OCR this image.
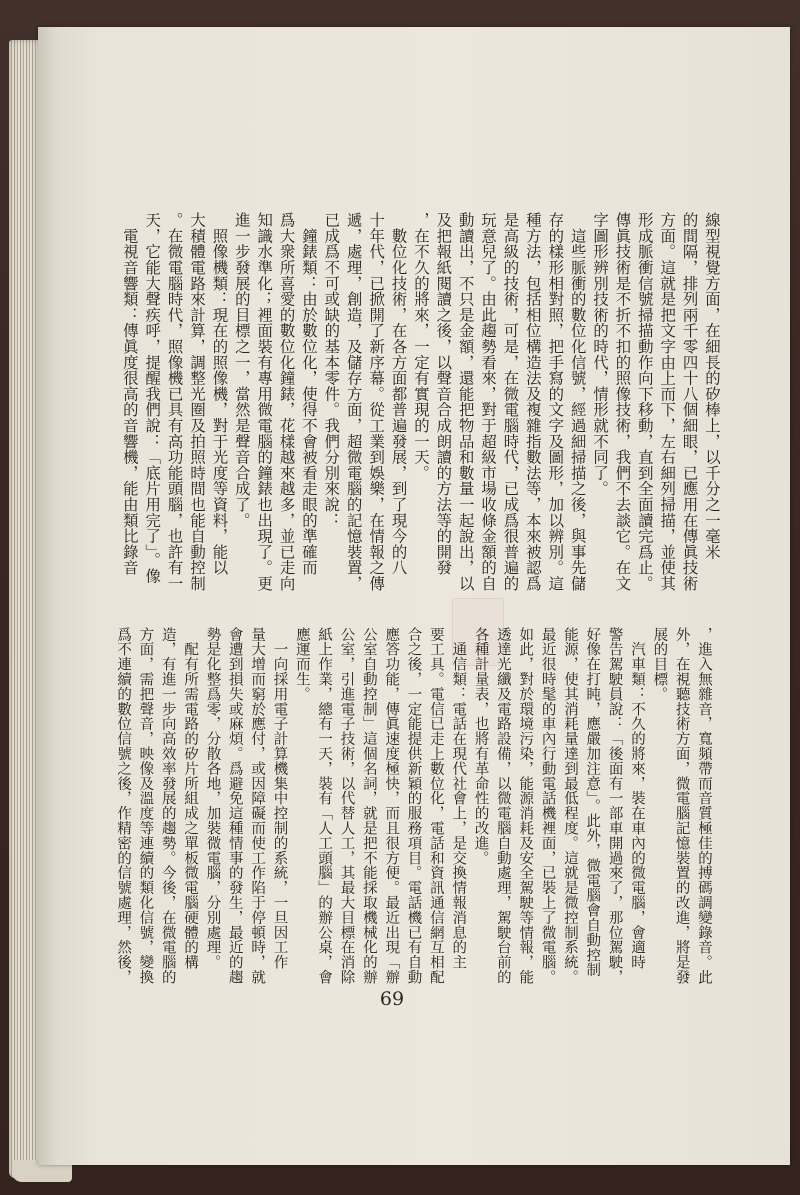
線型視覺方面，在細長的矽棒上，以千分之一毫米
的間隔，排列兩千零四十八個細眼，已應用在傳眞技術
方面。這就是把文字由上而下，左右細列掃描，並使其
形成脈衝信號掃描動作向下移動，直到全面讀完爲止。
傳眞技術是不折不扣的照像技術，我們不去談它。在文
字圖形辨別技術的時代，情形就不同了。
　這些脈衝的數位化信號，經過細掃描之後，與事先儲
存的樣形相對照，把手寫的文字及圖形，加以辨別。這
種方法，包括相位構造法及複雜指數法等，本來被認爲
是高級的技術，可是，在微電腦時代，已成爲很普遍的
玩意兒了。由此趨勢看來，對于超級市場收條金額的自
動讀出，不只是金額，還能把物品和數量一起說出，以
及把報紙閱讀之後，以聲音合成朗讀的方法等的開發
，在不久的將來，一定有實現的一天。
　數位化技術，在各方面都普遍發展，到了現今的八
十年代，已掀開了新序幕。從工業到娛樂，在情報之傳
遞，處理，創造，及儲存方面，超微電腦的記憶裝置，
已成爲不可或缺的基本零件。我們分別來說：
　鐘錶類：由於數位化，使得不會被看走眼的準確而
爲大衆所喜愛的數位化鐘錶，花樣越來越多，並已走向
知識水準化；裡面裝有專用微電腦的鐘錶也出現了。更
進一步發展的目標之一，當然是聲音合成了。
　照像機類：現在的照像機，對于光度等資料，能以
大積體電路來計算，調整光圈及拍照時間也能自動控制
。在微電腦時代，照像機已具有高功能頭腦，也許有一
天，它能大聲疾呼，提醒我們說：「底片用完了」。像
　電視音響類：傳眞度很高的音響機，能由類比錄音
，進入無雜音，寬頻帶而音質極佳的搏碼調變錄音。此
外，在視聽技術方面，微電腦記憶裝置的改進，將是發
展的目標。
　汽車類：不久的將來，裝在車內的微電腦，會適時
警告駕駛員說：「後面有一部車開過來了，那位駕駛，
好像在打盹，應嚴加注意」。此外，微電腦會自動控制
能源，使其消耗量達到最低程度。這就是微控制系統。
最近很時髦的車內行動電話機裡面，已裝上了微電腦。
如此，對於環境污染，能源消耗及安全駕駛等情報，能
透達光纖及電路設備，以微電腦自動處理，駕駛台前的
各種計量表，也將有革命性的改進。
　通信類：電話在現代社會上，是交換情報消息的主
要工具。電信已走上數位化，電話和資訊通信網互相配
合之後，一定能提供新穎的服務項目。電話機已有自動
應答功能，傳眞速度極快，而且很方便。最近出現「辦
公室自動控制」這個名詞，就是把不能採取機械化的辦
公室，引進電子技術，以代替人工，其最大目標在消除
紙上作業，總有一天，裝有「人工頭腦」的辦公桌，會
應運而生。
　一向採用電子計算機集中控制的系統，一旦因工作
量大增而窮於應付，或因障礙而使工作陷于停頓時，就
會遭到損失或麻煩。爲避免這種情事的發生，最近的趨
勢是化整爲零，分散各地，加裝微電腦，分別處理。
　配有所需電路的矽片所組成之單板微電腦硬體的構
造，有進一步向高效率發展的趨勢。今後，在微電腦的
方面，需把聲音，映像及溫度等連續的類化信號，變換
爲不連續的數位信號之後，作精密的信號處理，然後，
69
